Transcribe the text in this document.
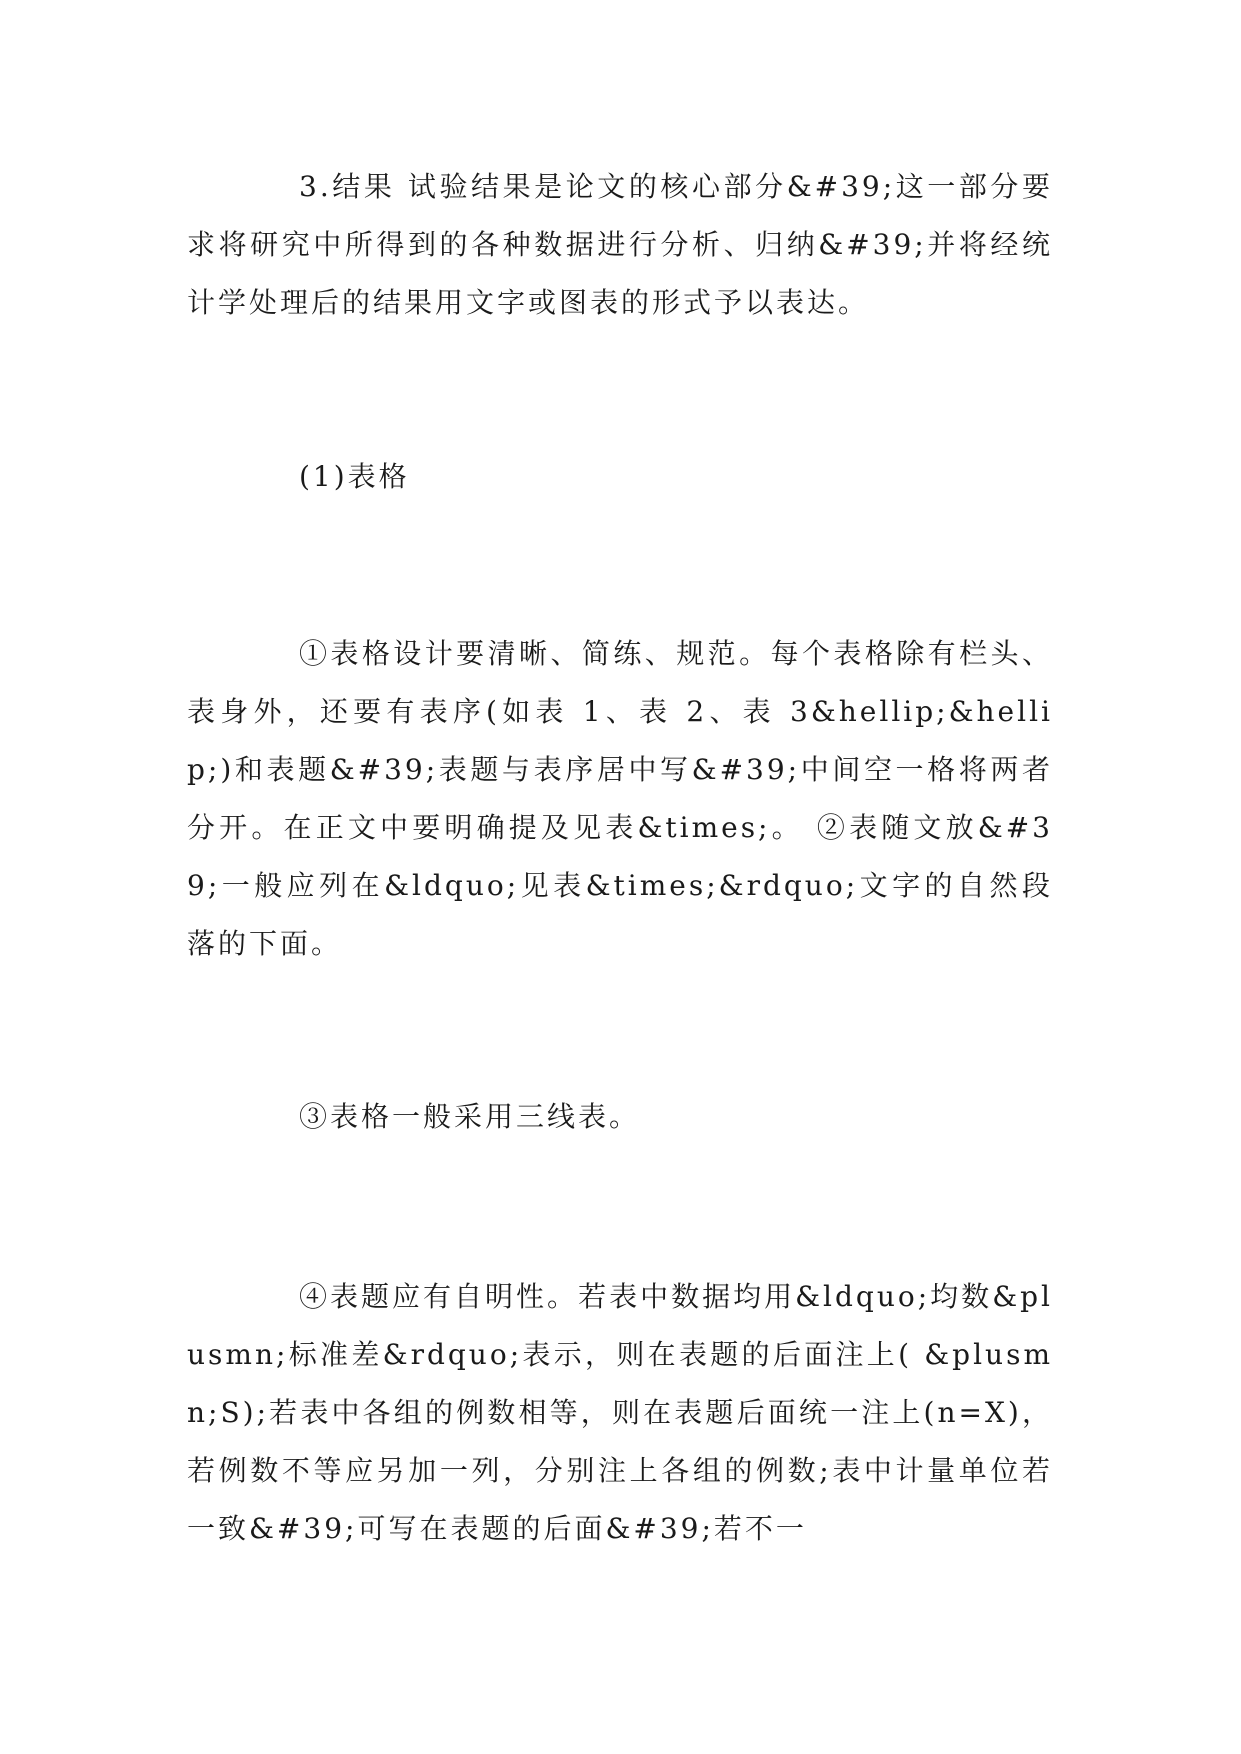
3.结果 试验结果是论文的核心部分&#39;这一部分要求将研究中所得到的各种数据进行分析、归纳&#39;并将经统计学处理后的结果用文字或图表的形式予以表达。

(1)表格

①表格设计要清晰、简练、规范。每个表格除有栏头、表身外，还要有表序(如表 1、表 2、表 3&hellip;&hellip;)和表题&#39;表题与表序居中写&#39;中间空一格将两者分开。在正文中要明确提及见表&times;。 ②表随文放&#39;一般应列在&ldquo;见表&times;&rdquo;文字的自然段落的下面。

③表格一般采用三线表。

④表题应有自明性。若表中数据均用&ldquo;均数&plusmn;标准差&rdquo;表示，则在表题的后面注上( &plusmn;S);若表中各组的例数相等，则在表题后面统一注上(n=X)，若例数不等应另加一列，分别注上各组的例数;表中计量单位若一致&#39;可写在表题的后面&#39;若不一
